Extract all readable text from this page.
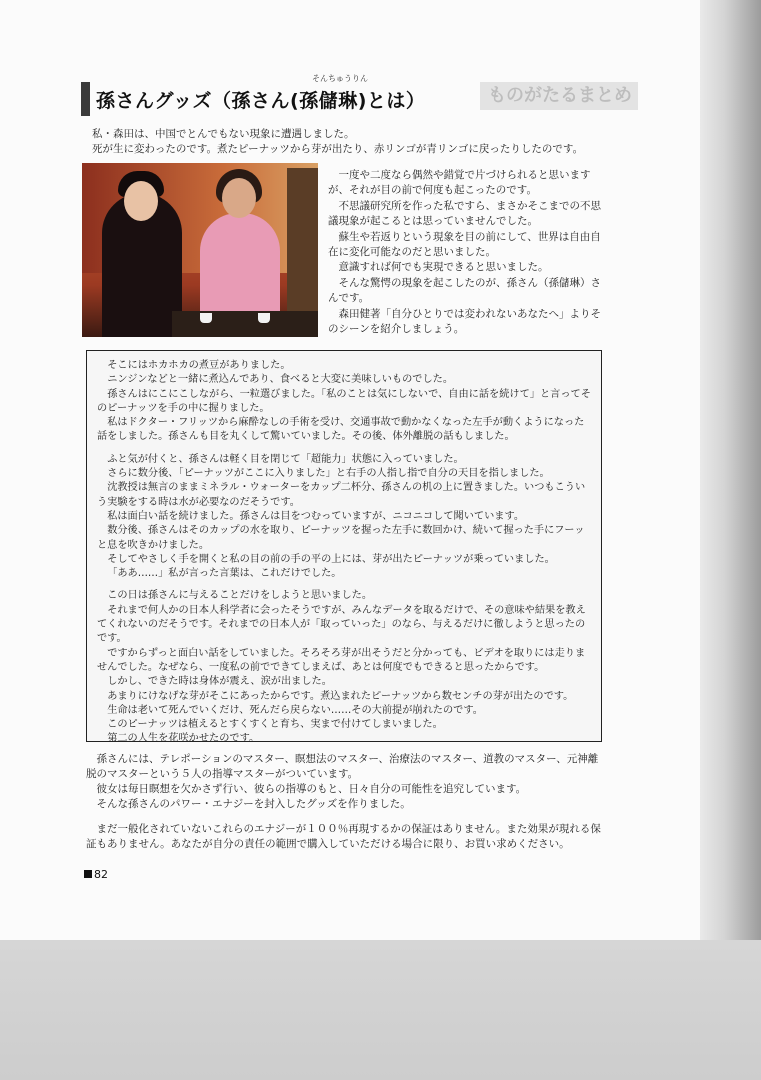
ものがたるまとめ
そんちゅうりん
孫さんグッズ（孫さん(孫儲琳)とは）

私・森田は、中国でとんでもない現象に遭遇しました。

死が生に変わったのです。煮たピーナッツから芽が出たり、赤リンゴが青リンゴに戻ったりしたのです。

一度や二度なら偶然や錯覚で片づけられると思いますが、それが目の前で何度も起こったのです。

不思議研究所を作った私ですら、まさかそこまでの不思議現象が起こるとは思っていませんでした。

蘇生や若返りという現象を目の前にして、世界は自由自在に変化可能なのだと思いました。

意識すれば何でも実現できると思いました。

そんな驚愕の現象を起こしたのが、孫さん（孫儲琳）さんです。

森田健著「自分ひとりでは変われないあなたへ」よりそのシーンを紹介しましょう。

そこにはホカホカの煮豆がありました。

ニンジンなどと一緒に煮込んであり、食べると大変に美味しいものでした。

孫さんはにこにこしながら、一粒選びました。「私のことは気にしないで、自由に話を続けて」と言ってそのピーナッツを手の中に握りました。

私はドクター・フリッツから麻酔なしの手術を受け、交通事故で動かなくなった左手が動くようになった話をしました。孫さんも目を丸くして驚いていました。その後、体外離脱の話もしました。

ふと気が付くと、孫さんは軽く目を閉じて「超能力」状態に入っていました。

さらに数分後、「ピーナッツがここに入りました」と右手の人指し指で自分の天目を指しました。

沈教授は無言のままミネラル・ウォーターをカップ二杯分、孫さんの机の上に置きました。いつもこういう実験をする時は水が必要なのだそうです。

私は面白い話を続けました。孫さんは目をつむっていますが、ニコニコして聞いています。

数分後、孫さんはそのカップの水を取り、ピーナッツを握った左手に数回かけ、続いて握った手にフーッと息を吹きかけました。

そしてやさしく手を開くと私の目の前の手の平の上には、芽が出たピーナッツが乗っていました。

「ああ……」私が言った言葉は、これだけでした。

この日は孫さんに与えることだけをしようと思いました。

それまで何人かの日本人科学者に会ったそうですが、みんなデータを取るだけで、その意味や結果を教えてくれないのだそうです。それまでの日本人が「取っていった」のなら、与えるだけに徹しようと思ったのです。

ですからずっと面白い話をしていました。そろそろ芽が出そうだと分かっても、ビデオを取りには走りませんでした。なぜなら、一度私の前でできてしまえば、あとは何度でもできると思ったからです。

しかし、できた時は身体が震え、涙が出ました。

あまりにけなげな芽がそこにあったからです。煮込まれたピーナッツから数センチの芽が出たのです。

生命は老いて死んでいくだけ、死んだら戻らない……その大前提が崩れたのです。

このピーナッツは植えるとすくすくと育ち、実まで付けてしまいました。

第二の人生を花咲かせたのです。

孫さんには、テレポーションのマスター、瞑想法のマスター、治療法のマスター、道教のマスター、元神離脱のマスターという５人の指導マスターがついています。

彼女は毎日瞑想を欠かさず行い、彼らの指導のもと、日々自分の可能性を追究しています。

そんな孫さんのパワー・エナジーを封入したグッズを作りました。

まだ一般化されていないこれらのエナジーが１００％再現するかの保証はありません。また効果が現れる保証もありません。あなたが自分の責任の範囲で購入していただける場合に限り、お買い求めください。

82
